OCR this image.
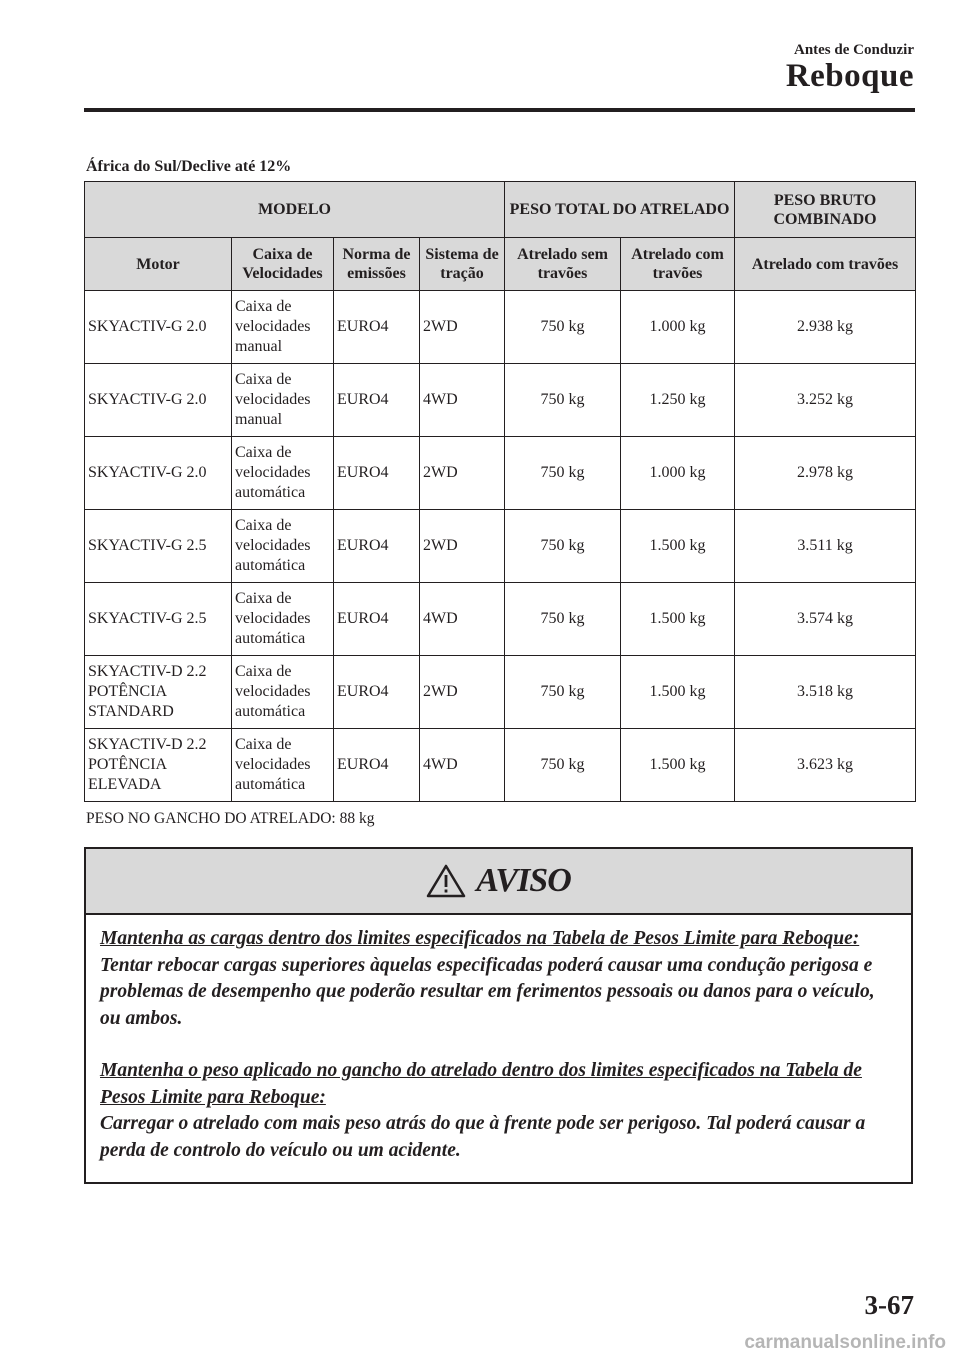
Antes de Conduzir
Reboque
África do Sul/Declive até 12%
MODELO				PESO TOTAL DO ATRELADO		PESO BRUTO COMBINADO
Motor	Caixa de Velocidades	Norma de emissões	Sistema de tração	Atrelado sem travões	Atrelado com travões	Atrelado com travões
SKYACTIV-G 2.0	Caixa de velocidades manual	EURO4	2WD	750 kg	1.000 kg	2.938 kg
SKYACTIV-G 2.0	Caixa de velocidades manual	EURO4	4WD	750 kg	1.250 kg	3.252 kg
SKYACTIV-G 2.0	Caixa de velocidades automática	EURO4	2WD	750 kg	1.000 kg	2.978 kg
SKYACTIV-G 2.5	Caixa de velocidades automática	EURO4	2WD	750 kg	1.500 kg	3.511 kg
SKYACTIV-G 2.5	Caixa de velocidades automática	EURO4	4WD	750 kg	1.500 kg	3.574 kg
SKYACTIV-D 2.2 POTÊNCIA STANDARD	Caixa de velocidades automática	EURO4	2WD	750 kg	1.500 kg	3.518 kg
SKYACTIV-D 2.2 POTÊNCIA ELEVADA	Caixa de velocidades automática	EURO4	4WD	750 kg	1.500 kg	3.623 kg
PESO NO GANCHO DO ATRELADO: 88 kg
AVISO

Mantenha as cargas dentro dos limites especificados na Tabela de Pesos Limite para Reboque:

Tentar rebocar cargas superiores àquelas especificadas poderá causar uma condução perigosa e problemas de desempenho que poderão resultar em ferimentos pessoais ou danos para o veículo, ou ambos.

Mantenha o peso aplicado no gancho do atrelado dentro dos limites especificados na Tabela de Pesos Limite para Reboque:

Carregar o atrelado com mais peso atrás do que à frente pode ser perigoso. Tal poderá causar a perda de controlo do veículo ou um acidente.

3-67
carmanualsonline.info
